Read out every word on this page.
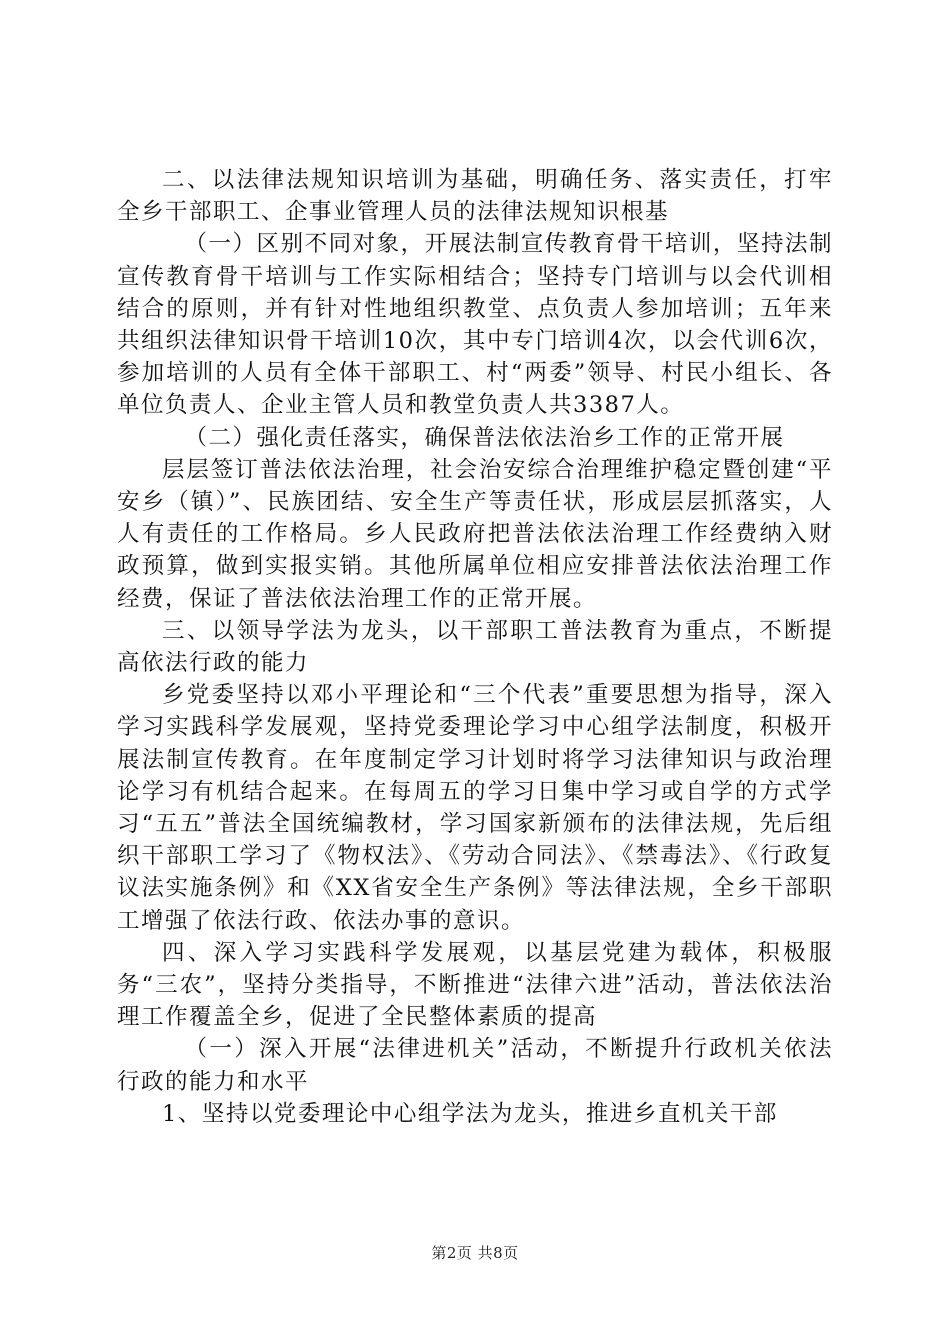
二、以法律法规知识培训为基础，明确任务、落实责任，打牢全乡干部职工、企事业管理人员的法律法规知识根基

（一）区别不同对象，开展法制宣传教育骨干培训，坚持法制宣传教育骨干培训与工作实际相结合；坚持专门培训与以会代训相结合的原则，并有针对性地组织教堂、点负责人参加培训；五年来共组织法律知识骨干培训10次，其中专门培训4次，以会代训6次，参加培训的人员有全体干部职工、村“两委”领导、村民小组长、各单位负责人、企业主管人员和教堂负责人共3387人。

（二）强化责任落实，确保普法依法治乡工作的正常开展

层层签订普法依法治理，社会治安综合治理维护稳定暨创建“平安乡（镇）”、民族团结、安全生产等责任状，形成层层抓落实，人人有责任的工作格局。乡人民政府把普法依法治理工作经费纳入财政预算，做到实报实销。其他所属单位相应安排普法依法治理工作经费，保证了普法依法治理工作的正常开展。

三、以领导学法为龙头，以干部职工普法教育为重点，不断提高依法行政的能力

乡党委坚持以邓小平理论和“三个代表”重要思想为指导，深入学习实践科学发展观，坚持党委理论学习中心组学法制度，积极开展法制宣传教育。在年度制定学习计划时将学习法律知识与政治理论学习有机结合起来。在每周五的学习日集中学习或自学的方式学习“五五”普法全国统编教材，学习国家新颁布的法律法规，先后组织干部职工学习了《物权法》、《劳动合同法》、《禁毒法》、《行政复议法实施条例》和《XX省安全生产条例》等法律法规，全乡干部职工增强了依法行政、依法办事的意识。

四、深入学习实践科学发展观，以基层党建为载体，积极服务“三农”，坚持分类指导，不断推进“法律六进”活动，普法依法治理工作覆盖全乡，促进了全民整体素质的提高

（一）深入开展“法律进机关”活动，不断提升行政机关依法行政的能力和水平

1、坚持以党委理论中心组学法为龙头，推进乡直机关干部

第2页 共8页
